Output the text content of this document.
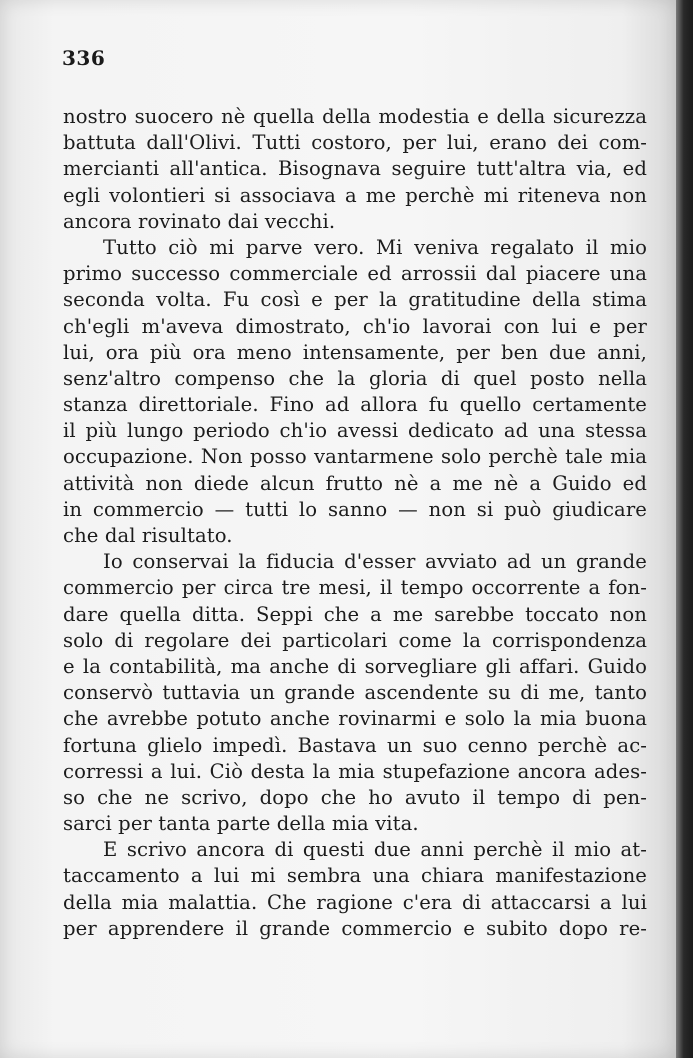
336
nostro suocero nè quella della modestia e della sicurezza
battuta dall'Olivi. Tutti costoro, per lui, erano dei com-
mercianti all'antica. Bisognava seguire tutt'altra via, ed
egli volontieri si associava a me perchè mi riteneva non
ancora rovinato dai vecchi.
Tutto ciò mi parve vero. Mi veniva regalato il mio
primo successo commerciale ed arrossii dal piacere una
seconda volta. Fu così e per la gratitudine della stima
ch'egli m'aveva dimostrato, ch'io lavorai con lui e per
lui, ora più ora meno intensamente, per ben due anni,
senz'altro compenso che la gloria di quel posto nella
stanza direttoriale. Fino ad allora fu quello certamente
il più lungo periodo ch'io avessi dedicato ad una stessa
occupazione. Non posso vantarmene solo perchè tale mia
attività non diede alcun frutto nè a me nè a Guido ed
in commercio — tutti lo sanno — non si può giudicare
che dal risultato.
Io conservai la fiducia d'esser avviato ad un grande
commercio per circa tre mesi, il tempo occorrente a fon-
dare quella ditta. Seppi che a me sarebbe toccato non
solo di regolare dei particolari come la corrispondenza
e la contabilità, ma anche di sorvegliare gli affari. Guido
conservò tuttavia un grande ascendente su di me, tanto
che avrebbe potuto anche rovinarmi e solo la mia buona
fortuna glielo impedì. Bastava un suo cenno perchè ac-
corressi a lui. Ciò desta la mia stupefazione ancora ades-
so che ne scrivo, dopo che ho avuto il tempo di pen-
sarci per tanta parte della mia vita.
E scrivo ancora di questi due anni perchè il mio at-
taccamento a lui mi sembra una chiara manifestazione
della mia malattia. Che ragione c'era di attaccarsi a lui
per apprendere il grande commercio e subito dopo re-
